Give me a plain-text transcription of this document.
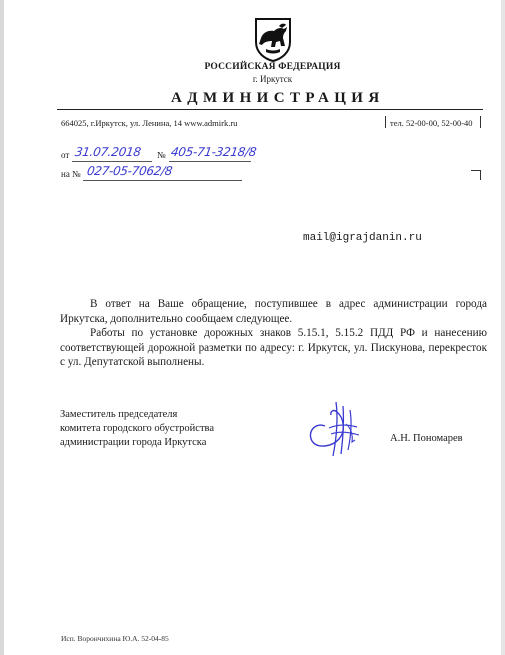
РОССИЙСКАЯ ФЕДЕРАЦИЯ
г. Иркутск
АДМИНИСТРАЦИЯ
664025, г.Иркутск, ул. Ленина, 14 www.admirk.ru	тел. 52-00-00, 52-00-40
от 31.07.2018 № 405-71-3218/8
на № 027-05-7062/8
mail@igrajdanin.ru
В ответ на Ваше обращение, поступившее в адрес администрации города Иркутска, дополнительно сообщаем следующее.
Работы по установке дорожных знаков 5.15.1, 5.15.2 ПДД РФ и нанесению соответствующей дорожной разметки по адресу: г. Иркутск, ул. Пискунова, перекресток с ул. Депутатской выполнены.
Заместитель председателя
комитета городского обустройства
администрации города Иркутска	А.Н. Пономарев
Исп. Ворончихина Ю.А. 52-04-85
